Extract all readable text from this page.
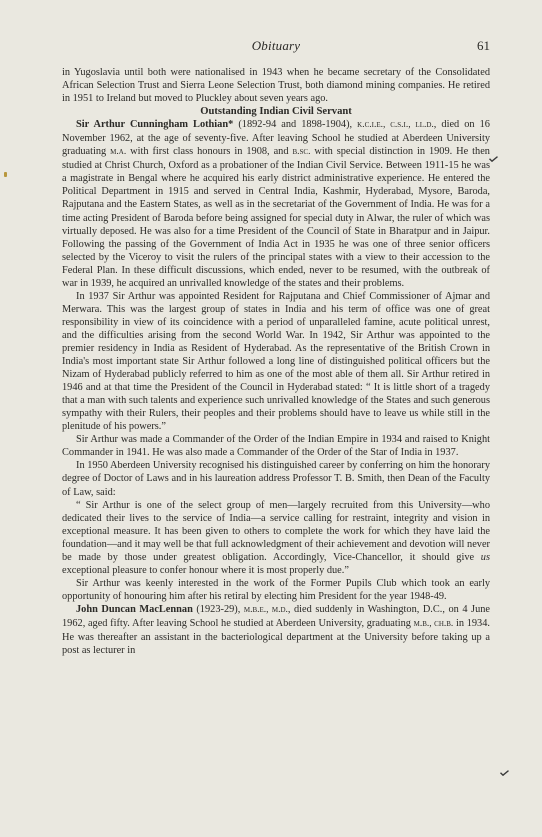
Obituary	61

in Yugoslavia until both were nationalised in 1943 when he became secretary of the Consolidated African Selection Trust and Sierra Leone Selection Trust, both diamond mining companies. He retired in 1951 to Ireland but moved to Pluckley about seven years ago.

Outstanding Indian Civil Servant

Sir Arthur Cunningham Lothian* (1892-94 and 1898-1904), k.c.i.e., c.s.i., ll.d., died on 16 November 1962, at the age of seventy-five. After leaving School he studied at Aberdeen University graduating m.a. with first class honours in 1908, and b.sc. with special distinction in 1909. He then studied at Christ Church, Oxford as a probationer of the Indian Civil Service. Between 1911-15 he was a magistrate in Bengal where he acquired his early district administrative experience. He entered the Political Department in 1915 and served in Central India, Kashmir, Hyderabad, Mysore, Baroda, Rajputana and the Eastern States, as well as in the secretariat of the Government of India. He was for a time acting President of Baroda before being assigned for special duty in Alwar, the ruler of which was virtually deposed. He was also for a time President of the Council of State in Bharatpur and in Jaipur. Following the passing of the Government of India Act in 1935 he was one of three senior officers selected by the Viceroy to visit the rulers of the principal states with a view to their accession to the Federal Plan. In these difficult discussions, which ended, never to be resumed, with the outbreak of war in 1939, he acquired an unrivalled knowledge of the states and their problems.

In 1937 Sir Arthur was appointed Resident for Rajputana and Chief Commissioner of Ajmar and Merwara. This was the largest group of states in India and his term of office was one of great responsibility in view of its coincidence with a period of unparalleled famine, acute political unrest, and the difficulties arising from the second World War. In 1942, Sir Arthur was appointed to the premier residency in India as Resident of Hyderabad. As the representative of the British Crown in India's most important state Sir Arthur followed a long line of distinguished political officers but the Nizam of Hyderabad publicly referred to him as one of the most able of them all. Sir Arthur retired in 1946 and at that time the President of the Council in Hyderabad stated: “ It is little short of a tragedy that a man with such talents and experience such unrivalled knowledge of the States and such generous sympathy with their Rulers, their peoples and their problems should have to leave us while still in the plenitude of his powers.”

Sir Arthur was made a Commander of the Order of the Indian Empire in 1934 and raised to Knight Commander in 1941. He was also made a Commander of the Order of the Star of India in 1937.

In 1950 Aberdeen University recognised his distinguished career by conferring on him the honorary degree of Doctor of Laws and in his laureation address Professor T. B. Smith, then Dean of the Faculty of Law, said:

“ Sir Arthur is one of the select group of men—largely recruited from this University—who dedicated their lives to the service of India—a service calling for restraint, integrity and vision in exceptional measure. It has been given to others to complete the work for which they have laid the foundation—and it may well be that full acknowledgment of their achievement and devotion will never be made by those under greatest obligation. Accordingly, Vice-Chancellor, it should give us exceptional pleasure to confer honour where it is most properly due.”

Sir Arthur was keenly interested in the work of the Former Pupils Club which took an early opportunity of honouring him after his retiral by electing him President for the year 1948-49.

John Duncan MacLennan (1923-29), m.b.e., m.d., died suddenly in Washington, D.C., on 4 June 1962, aged fifty. After leaving School he studied at Aberdeen University, graduating m.b., ch.b. in 1934. He was thereafter an assistant in the bacteriological department at the University before taking up a post as lecturer in
